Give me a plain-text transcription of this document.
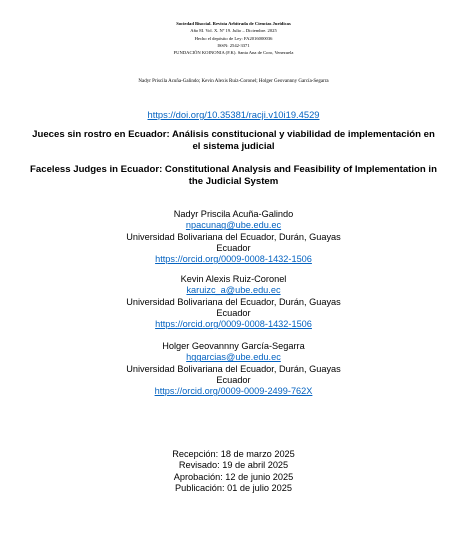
Sociedad Bisocial. Revista Arbitrada de Ciencias Jurídicas
Año 8I. Vol. X. Nº 19. Julio – Diciembre. 2025
Hecho el depósito de Ley: FA2016000036
ISSN: 2542-3371
FUNDACIÓN KOINONIA (F.K). Santa Ana de Coro, Venezuela
Nadyr Priscila Acuña-Galindo; Kevin Alexis Ruiz-Coronel; Holger Geovannny García-Segarra
https://doi.org/10.35381/racji.v10i19.4529
Jueces sin rostro en Ecuador: Análisis constitucional y viabilidad de implementación en el sistema judicial
Faceless Judges in Ecuador: Constitutional Analysis and Feasibility of Implementation in the Judicial System
Nadyr Priscila Acuña-Galindo
npacunag@ube.edu.ec
Universidad Bolivariana del Ecuador, Durán, Guayas
Ecuador
https://orcid.org/0009-0008-1432-1506
Kevin Alexis Ruiz-Coronel
karuizc_a@ube.edu.ec
Universidad Bolivariana del Ecuador, Durán, Guayas
Ecuador
https://orcid.org/0009-0008-1432-1506
Holger Geovannny García-Segarra
hggarcias@ube.edu.ec
Universidad Bolivariana del Ecuador, Durán, Guayas
Ecuador
https://orcid.org/0009-0009-2499-762X
Recepción: 18 de marzo 2025
Revisado: 19 de abril 2025
Aprobación: 12 de junio 2025
Publicación: 01 de julio 2025
